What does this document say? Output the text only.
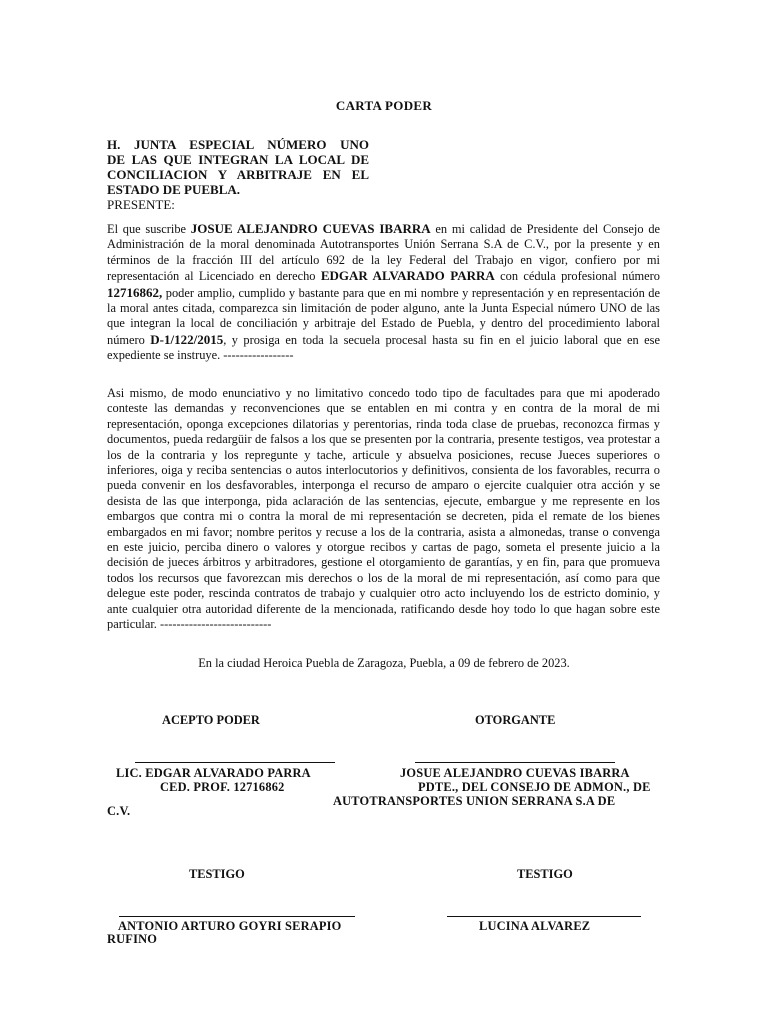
CARTA PODER
H. JUNTA ESPECIAL NÚMERO UNO
DE LAS QUE INTEGRAN LA LOCAL DE
CONCILIACION Y ARBITRAJE EN EL
ESTADO DE PUEBLA.
PRESENTE:
El que suscribe JOSUE ALEJANDRO CUEVAS IBARRA en mi calidad de Presidente del Consejo de Administración de la moral denominada Autotransportes Unión Serrana S.A de C.V., por la presente y en términos de la fracción III del artículo 692 de la ley Federal del Trabajo en vigor, confiero por mi representación al Licenciado en derecho EDGAR ALVARADO PARRA con cédula profesional número 12716862, poder amplio, cumplido y bastante para que en mi nombre y representación y en representación de la moral antes citada, comparezca sin limitación de poder alguno, ante la Junta Especial número UNO de las que integran la local de conciliación y arbitraje del Estado de Puebla, y dentro del procedimiento laboral número D-1/122/2015, y prosiga en toda la secuela procesal hasta su fin en el juicio laboral que en ese expediente se instruye. -----------------
Asi mismo, de modo enunciativo y no limitativo concedo todo tipo de facultades para que mi apoderado conteste las demandas y reconvenciones que se entablen en mi contra y en contra de la moral de mi representación, oponga excepciones dilatorias y perentorias, rinda toda clase de pruebas, reconozca firmas y documentos, pueda redargüir de falsos a los que se presenten por la contraria, presente testigos, vea protestar a los de la contraria y los repregunte y tache, articule y absuelva posiciones, recuse Jueces superiores o inferiores, oiga y reciba sentencias o autos interlocutorios y definitivos, consienta de los favorables, recurra o pueda convenir en los desfavorables, interponga el recurso de amparo o ejercite cualquier otra acción y se desista de las que interponga, pida aclaración de las sentencias, ejecute, embargue y me represente en los embargos que contra mi o contra la moral de mi representación se decreten, pida el remate de los bienes embargados en mi favor; nombre peritos y recuse a los de la contraria, asista a almonedas, transe o convenga en este juicio, perciba dinero o valores y otorgue recibos y cartas de pago, someta el presente juicio a la decisión de jueces árbitros y arbitradores, gestione el otorgamiento de garantías, y en fin, para que promueva todos los recursos que favorezcan mis derechos o los de la moral de mi representación, así como para que delegue este poder, rescinda contratos de trabajo y cualquier otro acto incluyendo los de estricto dominio, y ante cualquier otra autoridad diferente de la mencionada, ratificando desde hoy todo lo que hagan sobre este particular. ---------------------------
En la ciudad Heroica Puebla de Zaragoza, Puebla, a 09 de febrero de 2023.
ACEPTO PODER	OTORGANTE
LIC. EDGAR ALVARADO PARRA
CED. PROF. 12716862
JOSUE ALEJANDRO CUEVAS IBARRA
PDTE., DEL CONSEJO DE ADMON., DE
AUTOTRANSPORTES UNION SERRANA S.A DE
C.V.
TESTIGO	TESTIGO
ANTONIO ARTURO GOYRI SERAPIO
RUFINO
LUCINA ALVAREZ
